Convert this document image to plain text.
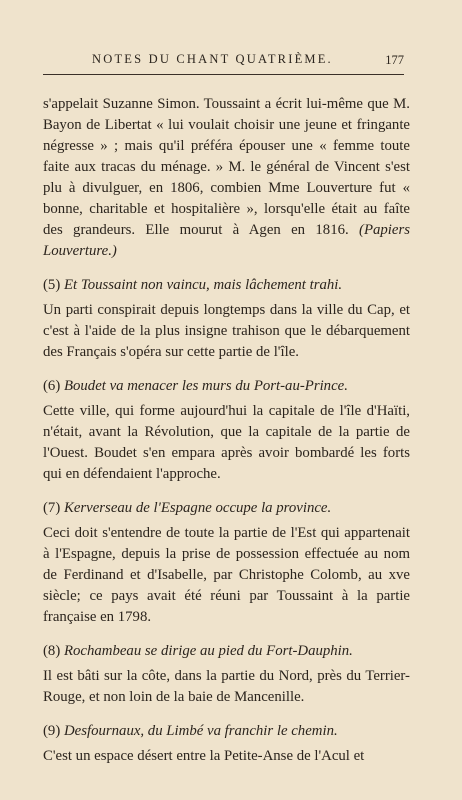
NOTES DU CHANT QUATRIÈME.	177

s'appelait Suzanne Simon. Toussaint a écrit lui-même que M. Bayon de Libertat « lui voulait choisir une jeune et fringante négresse » ; mais qu'il préféra épouser une « femme toute faite aux tracas du ménage. » M. le général de Vincent s'est plu à divulguer, en 1806, combien Mme Louverture fut « bonne, charitable et hospitalière », lorsqu'elle était au faîte des grandeurs. Elle mourut à Agen en 1816. (Papiers Louverture.)

(5) Et Toussaint non vaincu, mais lâchement trahi.

Un parti conspirait depuis longtemps dans la ville du Cap, et c'est à l'aide de la plus insigne trahison que le débarquement des Français s'opéra sur cette partie de l'île.

(6) Boudet va menacer les murs du Port-au-Prince.

Cette ville, qui forme aujourd'hui la capitale de l'île d'Haïti, n'était, avant la Révolution, que la capitale de la partie de l'Ouest. Boudet s'en empara après avoir bombardé les forts qui en défendaient l'approche.

(7) Kerverseau de l'Espagne occupe la province.

Ceci doit s'entendre de toute la partie de l'Est qui appartenait à l'Espagne, depuis la prise de possession effectuée au nom de Ferdinand et d'Isabelle, par Christophe Colomb, au xve siècle; ce pays avait été réuni par Toussaint à la partie française en 1798.

(8) Rochambeau se dirige au pied du Fort-Dauphin.

Il est bâti sur la côte, dans la partie du Nord, près du Terrier-Rouge, et non loin de la baie de Mancenille.

(9) Desfournaux, du Limbé va franchir le chemin.

C'est un espace désert entre la Petite-Anse de l'Acul et
